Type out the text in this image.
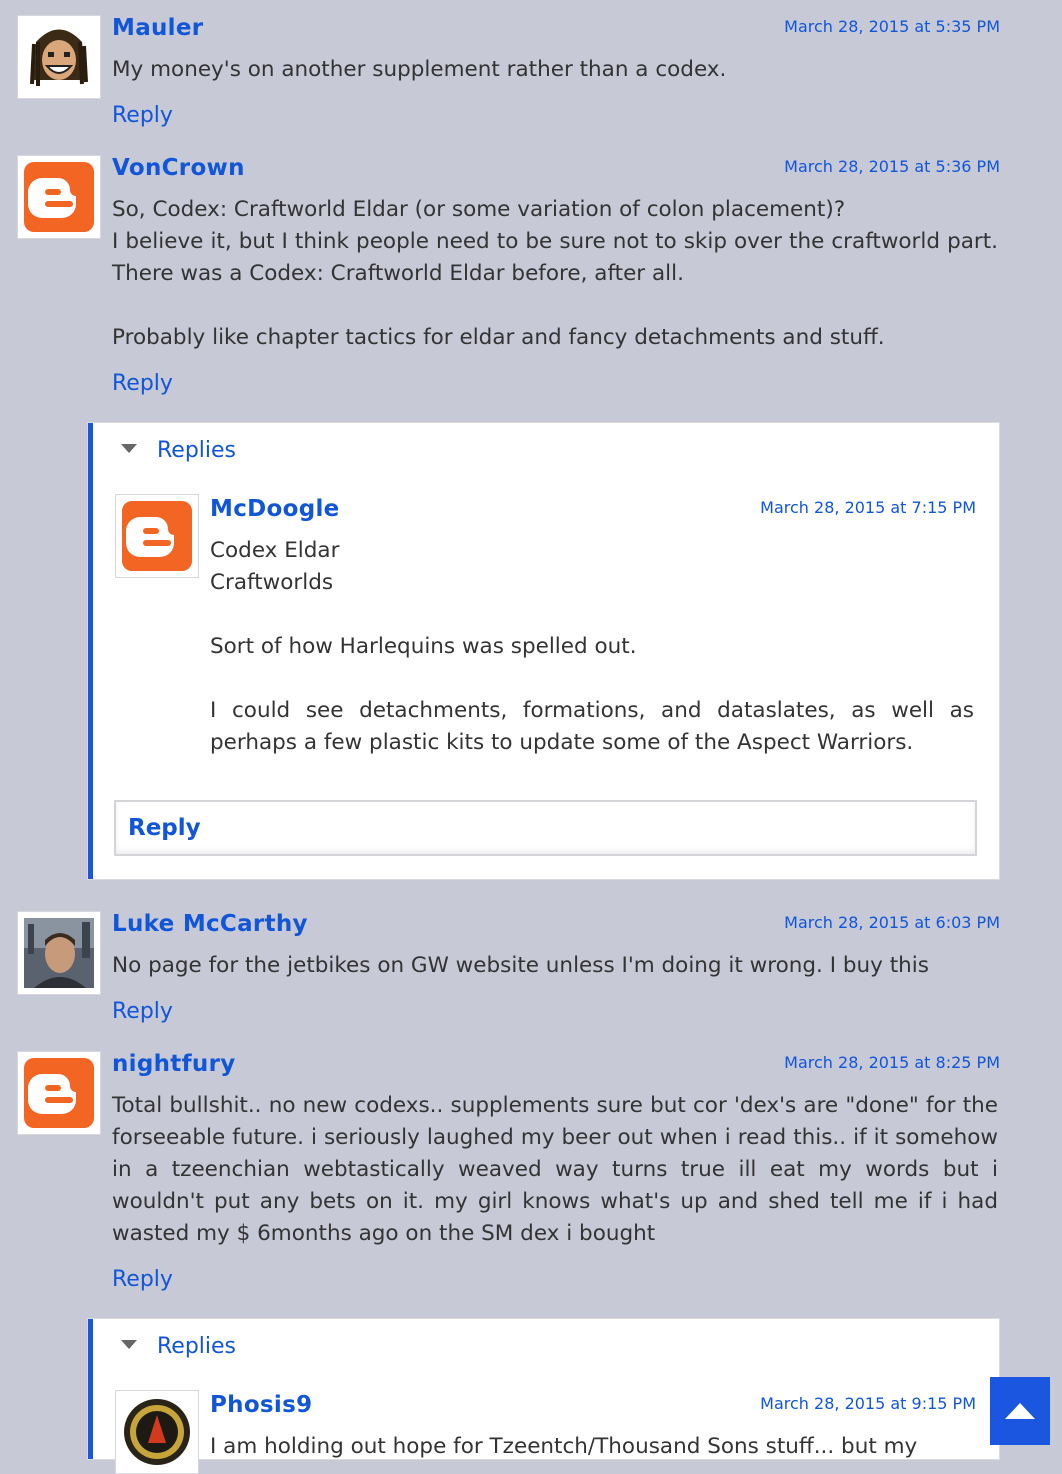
Mauler	March 28, 2015 at 5:35 PM

My money's on another supplement rather than a codex.

Reply
VonCrown	March 28, 2015 at 5:36 PM

So, Codex: Craftworld Eldar (or some variation of colon placement)?

I believe it, but I think people need to be sure not to skip over the craftworld part. There was a Codex: Craftworld Eldar before, after all.

Probably like chapter tactics for eldar and fancy detachments and stuff.

Reply
Replies
McDoogle	March 28, 2015 at 7:15 PM

Codex Eldar

Craftworlds

Sort of how Harlequins was spelled out.

I could see detachments, formations, and dataslates, as well as perhaps a few plastic kits to update some of the Aspect Warriors.

Reply
Luke McCarthy	March 28, 2015 at 6:03 PM

No page for the jetbikes on GW website unless I'm doing it wrong. I buy this

Reply
nightfury	March 28, 2015 at 8:25 PM

Total bullshit.. no new codexs.. supplements sure but cor 'dex's are "done" for the forseeable future. i seriously laughed my beer out when i read this.. if it somehow in a tzeenchian webtastically weaved way turns true ill eat my words but i wouldn't put any bets on it. my girl knows what's up and shed tell me if i had wasted my $ 6months ago on the SM dex i bought

Reply
Replies
Phosis9	March 28, 2015 at 9:15 PM

I am holding out hope for Tzeentch/Thousand Sons stuff... but my
